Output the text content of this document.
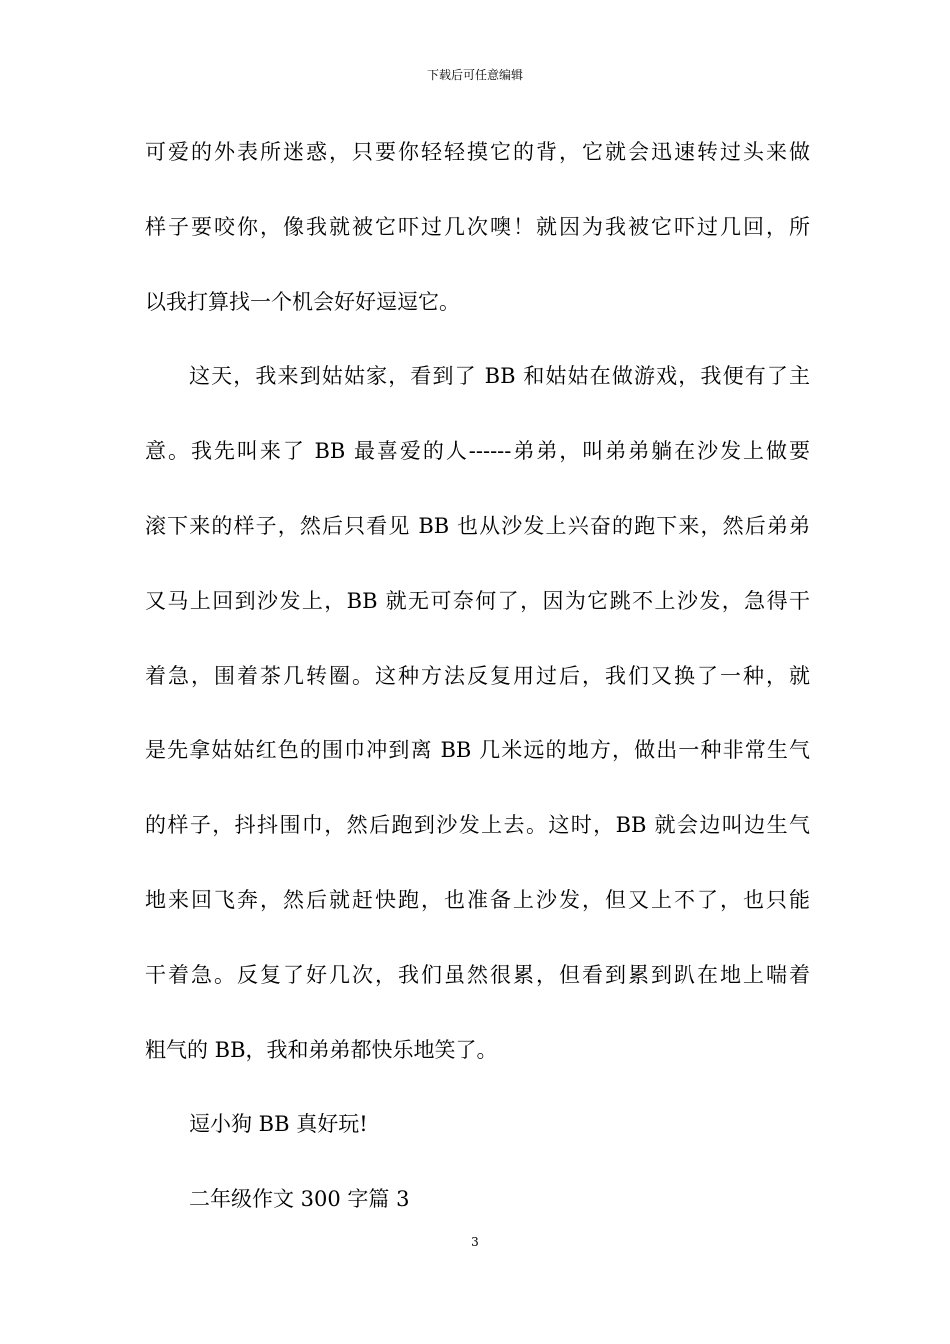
下载后可任意编辑
可爱的外表所迷惑，只要你轻轻摸它的背，它就会迅速转过头来做
样子要咬你，像我就被它吓过几次噢！就因为我被它吓过几回，所
以我打算找一个机会好好逗逗它。
这天，我来到姑姑家，看到了 BB 和姑姑在做游戏，我便有了主
意。我先叫来了 BB 最喜爱的人------弟弟，叫弟弟躺在沙发上做要
滚下来的样子，然后只看见 BB 也从沙发上兴奋的跑下来，然后弟弟
又马上回到沙发上，BB 就无可奈何了，因为它跳不上沙发，急得干
着急，围着茶几转圈。这种方法反复用过后，我们又换了一种，就
是先拿姑姑红色的围巾冲到离 BB 几米远的地方，做出一种非常生气
的样子，抖抖围巾，然后跑到沙发上去。这时，BB 就会边叫边生气
地来回飞奔，然后就赶快跑，也准备上沙发，但又上不了，也只能
干着急。反复了好几次，我们虽然很累，但看到累到趴在地上喘着
粗气的 BB，我和弟弟都快乐地笑了。
逗小狗 BB 真好玩!
二年级作文 300 字篇 3
3
